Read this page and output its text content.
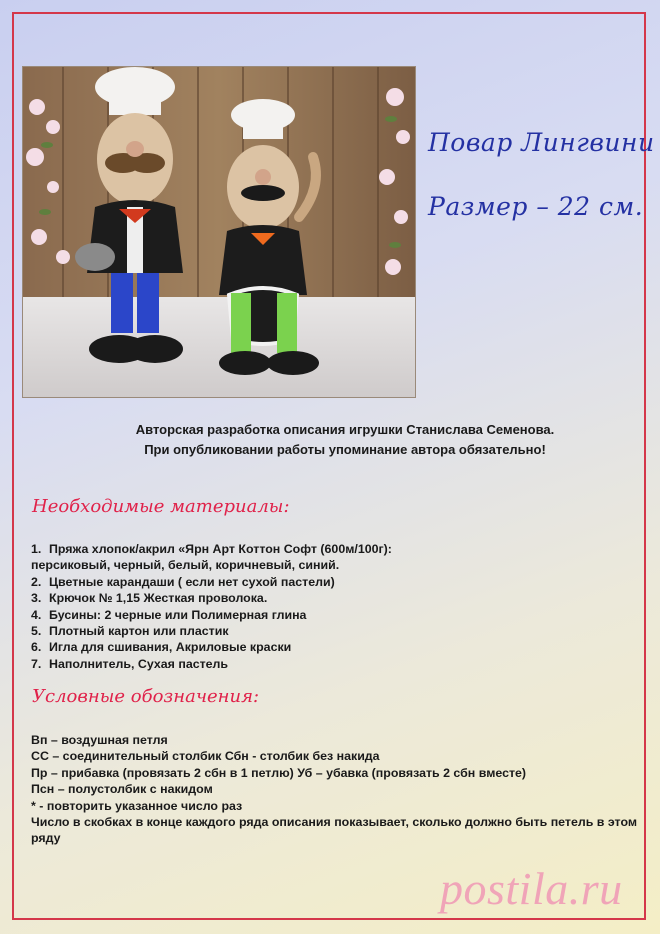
Повар Лингвини
Размер – 22 см.
Авторская разработка описания игрушки Станислава Семенова.
При опубликовании работы упоминание автора обязательно!
Необходимые материалы:
1. Пряжа хлопок/акрил «Ярн Арт Коттон Софт (600м/100г):
персиковый, черный, белый, коричневый, синий.
2. Цветные карандаши ( если нет сухой пастели)
3. Крючок № 1,15 Жесткая проволока.
4. Бусины: 2 черные или Полимерная глина
5. Плотный картон или пластик
6. Игла для сшивания, Акриловые краски
7. Наполнитель, Сухая пастель
Условные обозначения:
Вп – воздушная петля
СС – соединительный столбик Сбн - столбик без накида
Пр – прибавка (провязать 2 сбн в 1 петлю) Уб – убавка (провязать 2 сбн вместе)
Псн – полустолбик с накидом
* - повторить указанное число раз
Число в скобках в конце каждого ряда описания показывает, сколько должно быть петель в этом ряду
postila.ru
